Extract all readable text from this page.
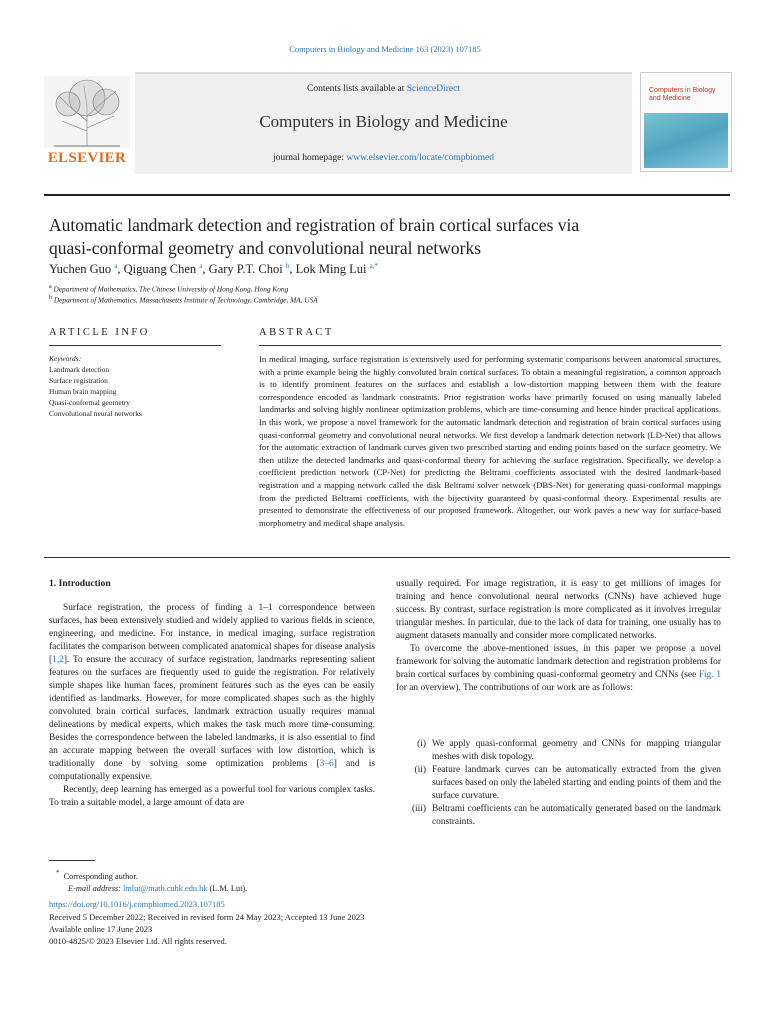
Computers in Biology and Medicine 163 (2023) 107185
ELSEVIER
Contents lists available at ScienceDirect
Computers in Biology and Medicine
journal homepage: www.elsevier.com/locate/compbiomed
Computers in Biology and Medicine
Automatic landmark detection and registration of brain cortical surfaces via
quasi-conformal geometry and convolutional neural networks
Yuchen Guo $^a$, Qiguang Chen $^a$, Gary P.T. Choi $^b$, Lok Ming Lui $^{a,*}$
$^a$ Department of Mathematics, The Chinese University of Hong Kong, Hong Kong
$^b$ Department of Mathematics, Massachusetts Institute of Technology, Cambridge, MA, USA
ARTICLE INFO	ABSTRACT
Keywords:
Landmark detection
Surface registration
Human brain mapping
Quasi-conformal geometry
Convolutional neural networks
In medical imaging, surface registration is extensively used for performing systematic comparisons between anatomical structures, with a prime example being the highly convoluted brain cortical surfaces. To obtain a meaningful registration, a common approach is to identify prominent features on the surfaces and establish a low-distortion mapping between them with the feature correspondence encoded as landmark constraints. Prior registration works have primarily focused on using manually labeled landmarks and solving highly nonlinear optimization problems, which are time-consuming and hence hinder practical applications. In this work, we propose a novel framework for the automatic landmark detection and registration of brain cortical surfaces using quasi-conformal geometry and convolutional neural networks. We first develop a landmark detection network (LD-Net) that allows for the automatic extraction of landmark curves given two prescribed starting and ending points based on the surface geometry. We then utilize the detected landmarks and quasi-conformal theory for achieving the surface registration. Specifically, we develop a coefficient prediction network (CP-Net) for predicting the Beltrami coefficients associated with the desired landmark-based registration and a mapping network called the disk Beltrami solver network (DBS-Net) for generating quasi-conformal mappings from the predicted Beltrami coefficients, with the bijectivity guaranteed by quasi-conformal theory. Experimental results are presented to demonstrate the effectiveness of our proposed framework. Altogether, our work paves a new way for surface-based morphometry and medical shape analysis.
1. Introduction

Surface registration, the process of finding a 1–1 correspondence between surfaces, has been extensively studied and widely applied to various fields in science, engineering, and medicine. For instance, in medical imaging, surface registration facilitates the comparison between complicated anatomical shapes for disease analysis [1,2]. To ensure the accuracy of surface registration, landmarks representing salient features on the surfaces are frequently used to guide the registration. For relatively simple shapes like human faces, prominent features such as the eyes can be easily identified as landmarks. However, for more complicated shapes such as the highly convoluted brain cortical surfaces, landmark extraction usually requires manual delineations by medical experts, which makes the task much more time-consuming. Besides the correspondence between the labeled landmarks, it is also essential to find an accurate mapping between the overall surfaces with low distortion, which is traditionally done by solving some optimization problems [3–6] and is computationally expensive.

Recently, deep learning has emerged as a powerful tool for various complex tasks. To train a suitable model, a large amount of data are

usually required. For image registration, it is easy to get millions of images for training and hence convolutional neural networks (CNNs) have achieved huge success. By contrast, surface registration is more complicated as it involves irregular triangular meshes. In particular, due to the lack of data for training, one usually has to augment datasets manually and consider more complicated networks.

To overcome the above-mentioned issues, in this paper we propose a novel framework for solving the automatic landmark detection and registration problems for brain cortical surfaces by combining quasi-conformal geometry and CNNs (see Fig. 1 for an overview). The contributions of our work are as follows:

(i) We apply quasi-conformal geometry and CNNs for mapping triangular meshes with disk topology.
(ii) Feature landmark curves can be automatically extracted from the given surfaces based on only the labeled starting and ending points of them and the surface curvature.
(iii) Beltrami coefficients can be automatically generated based on the landmark constraints.
* Corresponding author.
E-mail address: lmlui@math.cuhk.edu.hk (L.M. Lui).
https://doi.org/10.1016/j.compbiomed.2023.107185
Received 5 December 2022; Received in revised form 24 May 2023; Accepted 13 June 2023
Available online 17 June 2023
0010-4825/© 2023 Elsevier Ltd. All rights reserved.
